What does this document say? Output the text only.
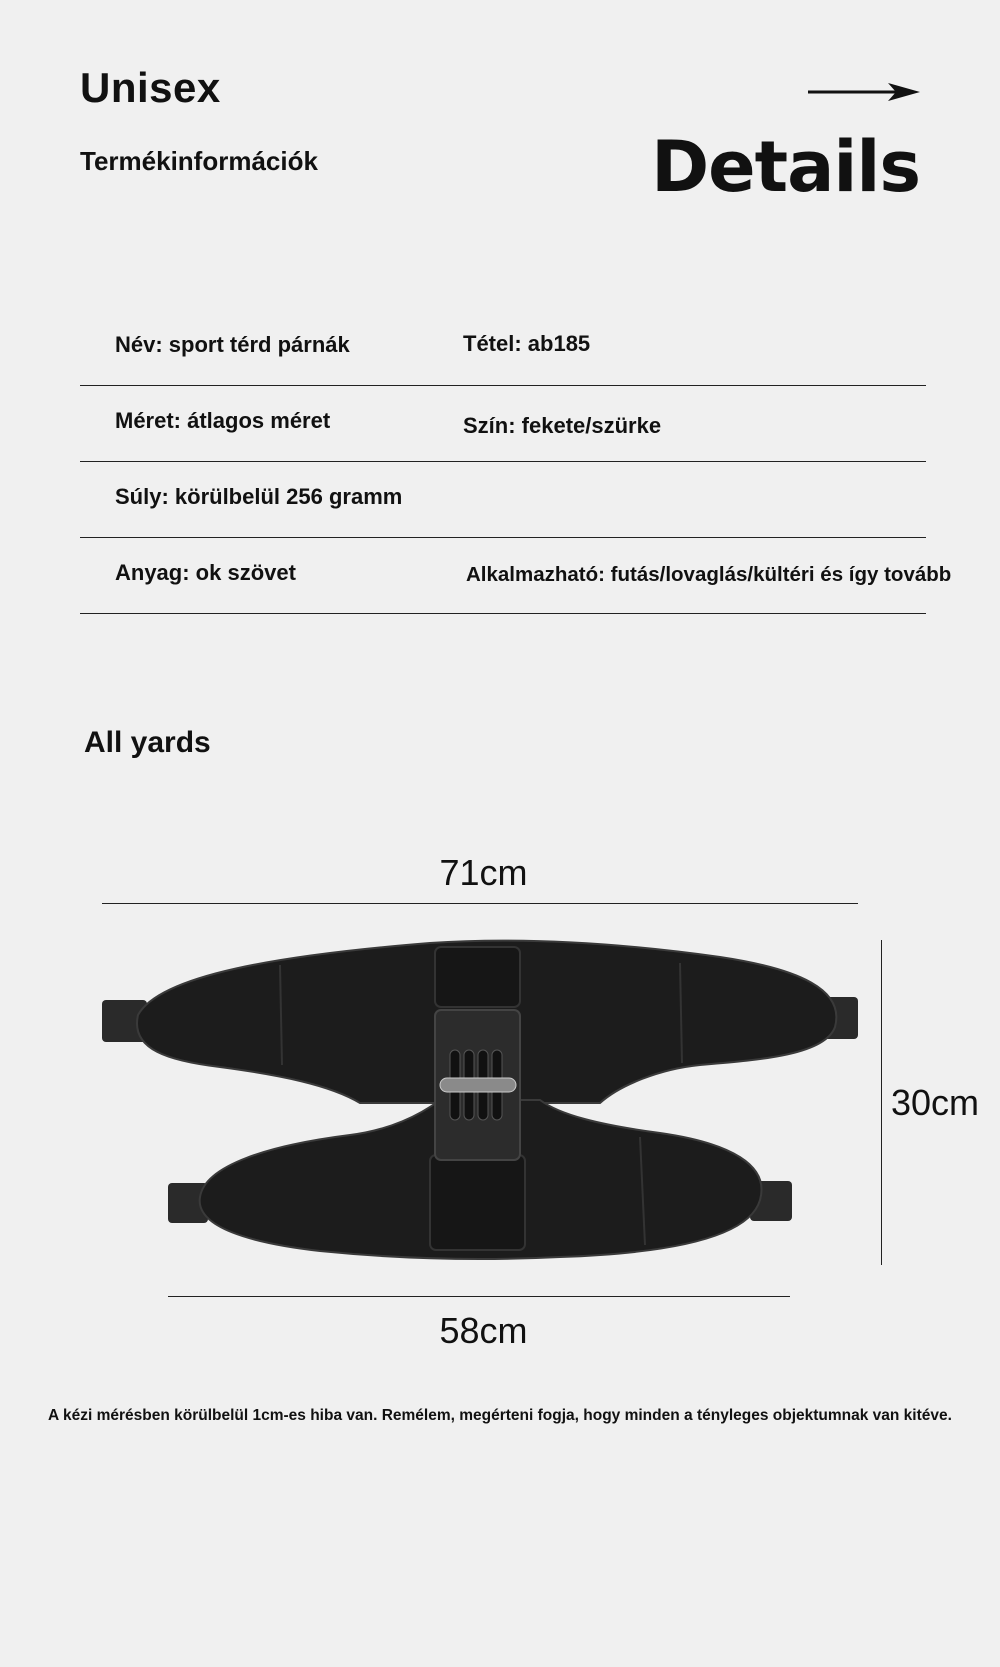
Unisex
Termékinformációk	Details
Név: sport térd párnák	Tétel: ab185
Méret: átlagos méret	Szín: fekete/szürke
Súly: körülbelül 256 gramm
Anyag: ok szövet	Alkalmazható: futás/lovaglás/kültéri és így tovább
All yards
71cm
30cm
58cm
A kézi mérésben körülbelül 1cm-es hiba van. Remélem, megérteni fogja, hogy minden a tényleges objektumnak van kitéve.
